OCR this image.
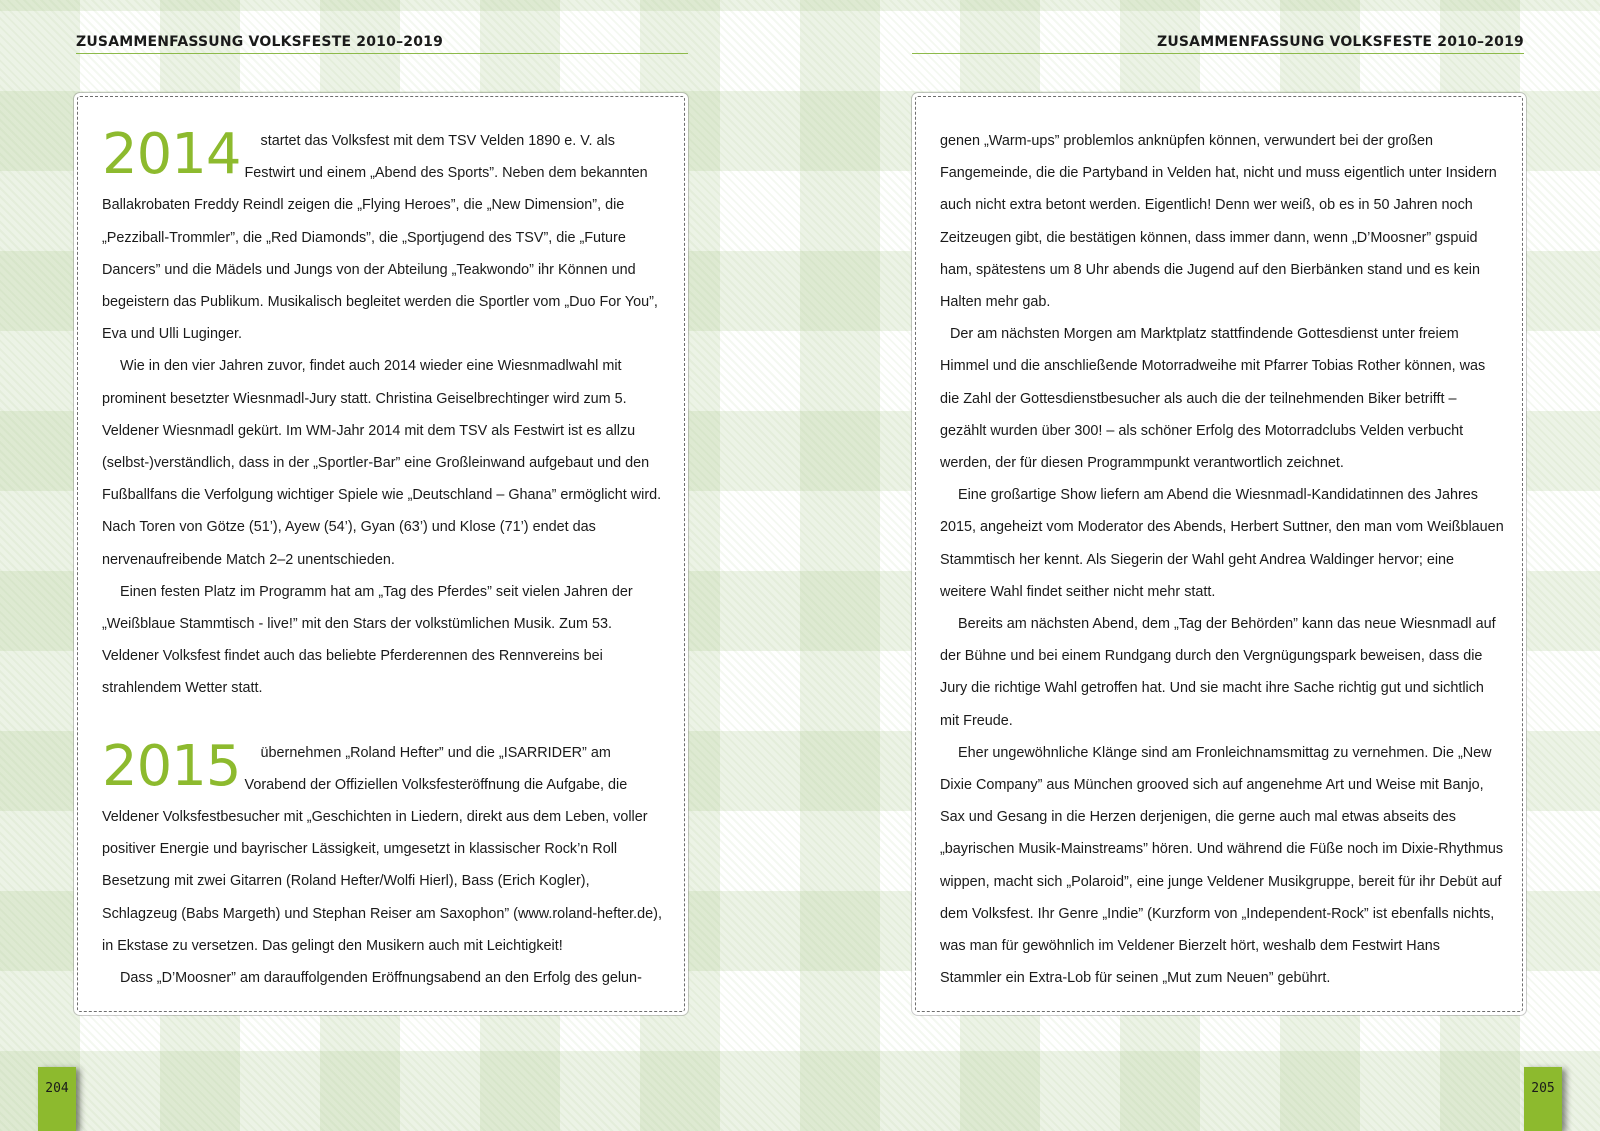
ZUSAMMENFASSUNG VOLKSFESTE 2010–2019	ZUSAMMENFASSUNG VOLKSFESTE 2010–2019

2014 startet das Volksfest mit dem TSV Velden 1890 e. V. als Festwirt und einem „Abend des Sports”. Neben dem bekannten Ballakrobaten Freddy Reindl zeigen die „Flying Heroes”, die „New Dimension”, die „Pezziball-Trommler”, die „Red Diamonds”, die „Sportjugend des TSV”, die „Future Dancers” und die Mädels und Jungs von der Abteilung „Teakwondo” ihr Können und begeistern das Publikum. Musikalisch begleitet werden die Sportler vom „Duo For You”, Eva und Ulli Luginger.

Wie in den vier Jahren zuvor, findet auch 2014 wieder eine Wiesnmadlwahl mit prominent besetzter Wiesnmadl-Jury statt. Christina Geiselbrechtinger wird zum 5. Veldener Wiesnmadl gekürt. Im WM-Jahr 2014 mit dem TSV als Festwirt ist es allzu (selbst-)verständlich, dass in der „Sportler-Bar” eine Großleinwand aufgebaut und den Fußballfans die Verfolgung wichtiger Spiele wie „Deutschland – Ghana” ermöglicht wird. Nach Toren von Götze (51’), Ayew (54’), Gyan (63’) und Klose (71’) endet das nervenaufreibende Match 2–2 unentschieden.

Einen festen Platz im Programm hat am „Tag des Pferdes” seit vielen Jahren der „Weißblaue Stammtisch - live!” mit den Stars der volkstümlichen Musik. Zum 53. Veldener Volksfest findet auch das beliebte Pferderennen des Rennvereins bei strahlendem Wetter statt.

2015 übernehmen „Roland Hefter” und die „ISARRIDER” am Vorabend der Offiziellen Volksfesteröffnung die Aufgabe, die Veldener Volksfestbesucher mit „Geschichten in Liedern, direkt aus dem Leben, voller positiver Energie und bayrischer Lässigkeit, umgesetzt in klassischer Rock’n Roll Besetzung mit zwei Gitarren (Roland Hefter/Wolfi Hierl), Bass (Erich Kogler), Schlagzeug (Babs Margeth) und Stephan Reiser am Saxophon” (www.roland-hefter.de), in Ekstase zu versetzen. Das gelingt den Musikern auch mit Leichtigkeit!

Dass „D’Moosner” am darauffolgenden Eröffnungsabend an den Erfolg des gelun-

genen „Warm-ups” problemlos anknüpfen können, verwundert bei der großen Fangemeinde, die die Partyband in Velden hat, nicht und muss eigentlich unter Insidern auch nicht extra betont werden. Eigentlich! Denn wer weiß, ob es in 50 Jahren noch Zeitzeugen gibt, die bestätigen können, dass immer dann, wenn „D’Moosner” gspuid ham, spätestens um 8 Uhr abends die Jugend auf den Bierbänken stand und es kein Halten mehr gab.

Der am nächsten Morgen am Marktplatz stattfindende Gottesdienst unter freiem Himmel und die anschließende Motorradweihe mit Pfarrer Tobias Rother können, was die Zahl der Gottesdienstbesucher als auch die der teilnehmenden Biker betrifft – gezählt wurden über 300! – als schöner Erfolg des Motorradclubs Velden verbucht werden, der für diesen Programmpunkt verantwortlich zeichnet.

Eine großartige Show liefern am Abend die Wiesnmadl-Kandidatinnen des Jahres 2015, angeheizt vom Moderator des Abends, Herbert Suttner, den man vom Weißblauen Stammtisch her kennt. Als Siegerin der Wahl geht Andrea Waldinger hervor; eine weitere Wahl findet seither nicht mehr statt.

Bereits am nächsten Abend, dem „Tag der Behörden” kann das neue Wiesnmadl auf der Bühne und bei einem Rundgang durch den Vergnügungspark beweisen, dass die Jury die richtige Wahl getroffen hat. Und sie macht ihre Sache richtig gut und sichtlich mit Freude.

Eher ungewöhnliche Klänge sind am Fronleichnamsmittag zu vernehmen. Die „New Dixie Company” aus München grooved sich auf angenehme Art und Weise mit Banjo, Sax und Gesang in die Herzen derjenigen, die gerne auch mal etwas abseits des „bayrischen Musik-Mainstreams” hören. Und während die Füße noch im Dixie-Rhythmus wippen, macht sich „Polaroid”, eine junge Veldener Musikgruppe, bereit für ihr Debüt auf dem Volksfest. Ihr Genre „Indie” (Kurzform von „Independent-Rock” ist ebenfalls nichts, was man für gewöhnlich im Veldener Bierzelt hört, weshalb dem Festwirt Hans Stammler ein Extra-Lob für seinen „Mut zum Neuen” gebührt.

204	205
